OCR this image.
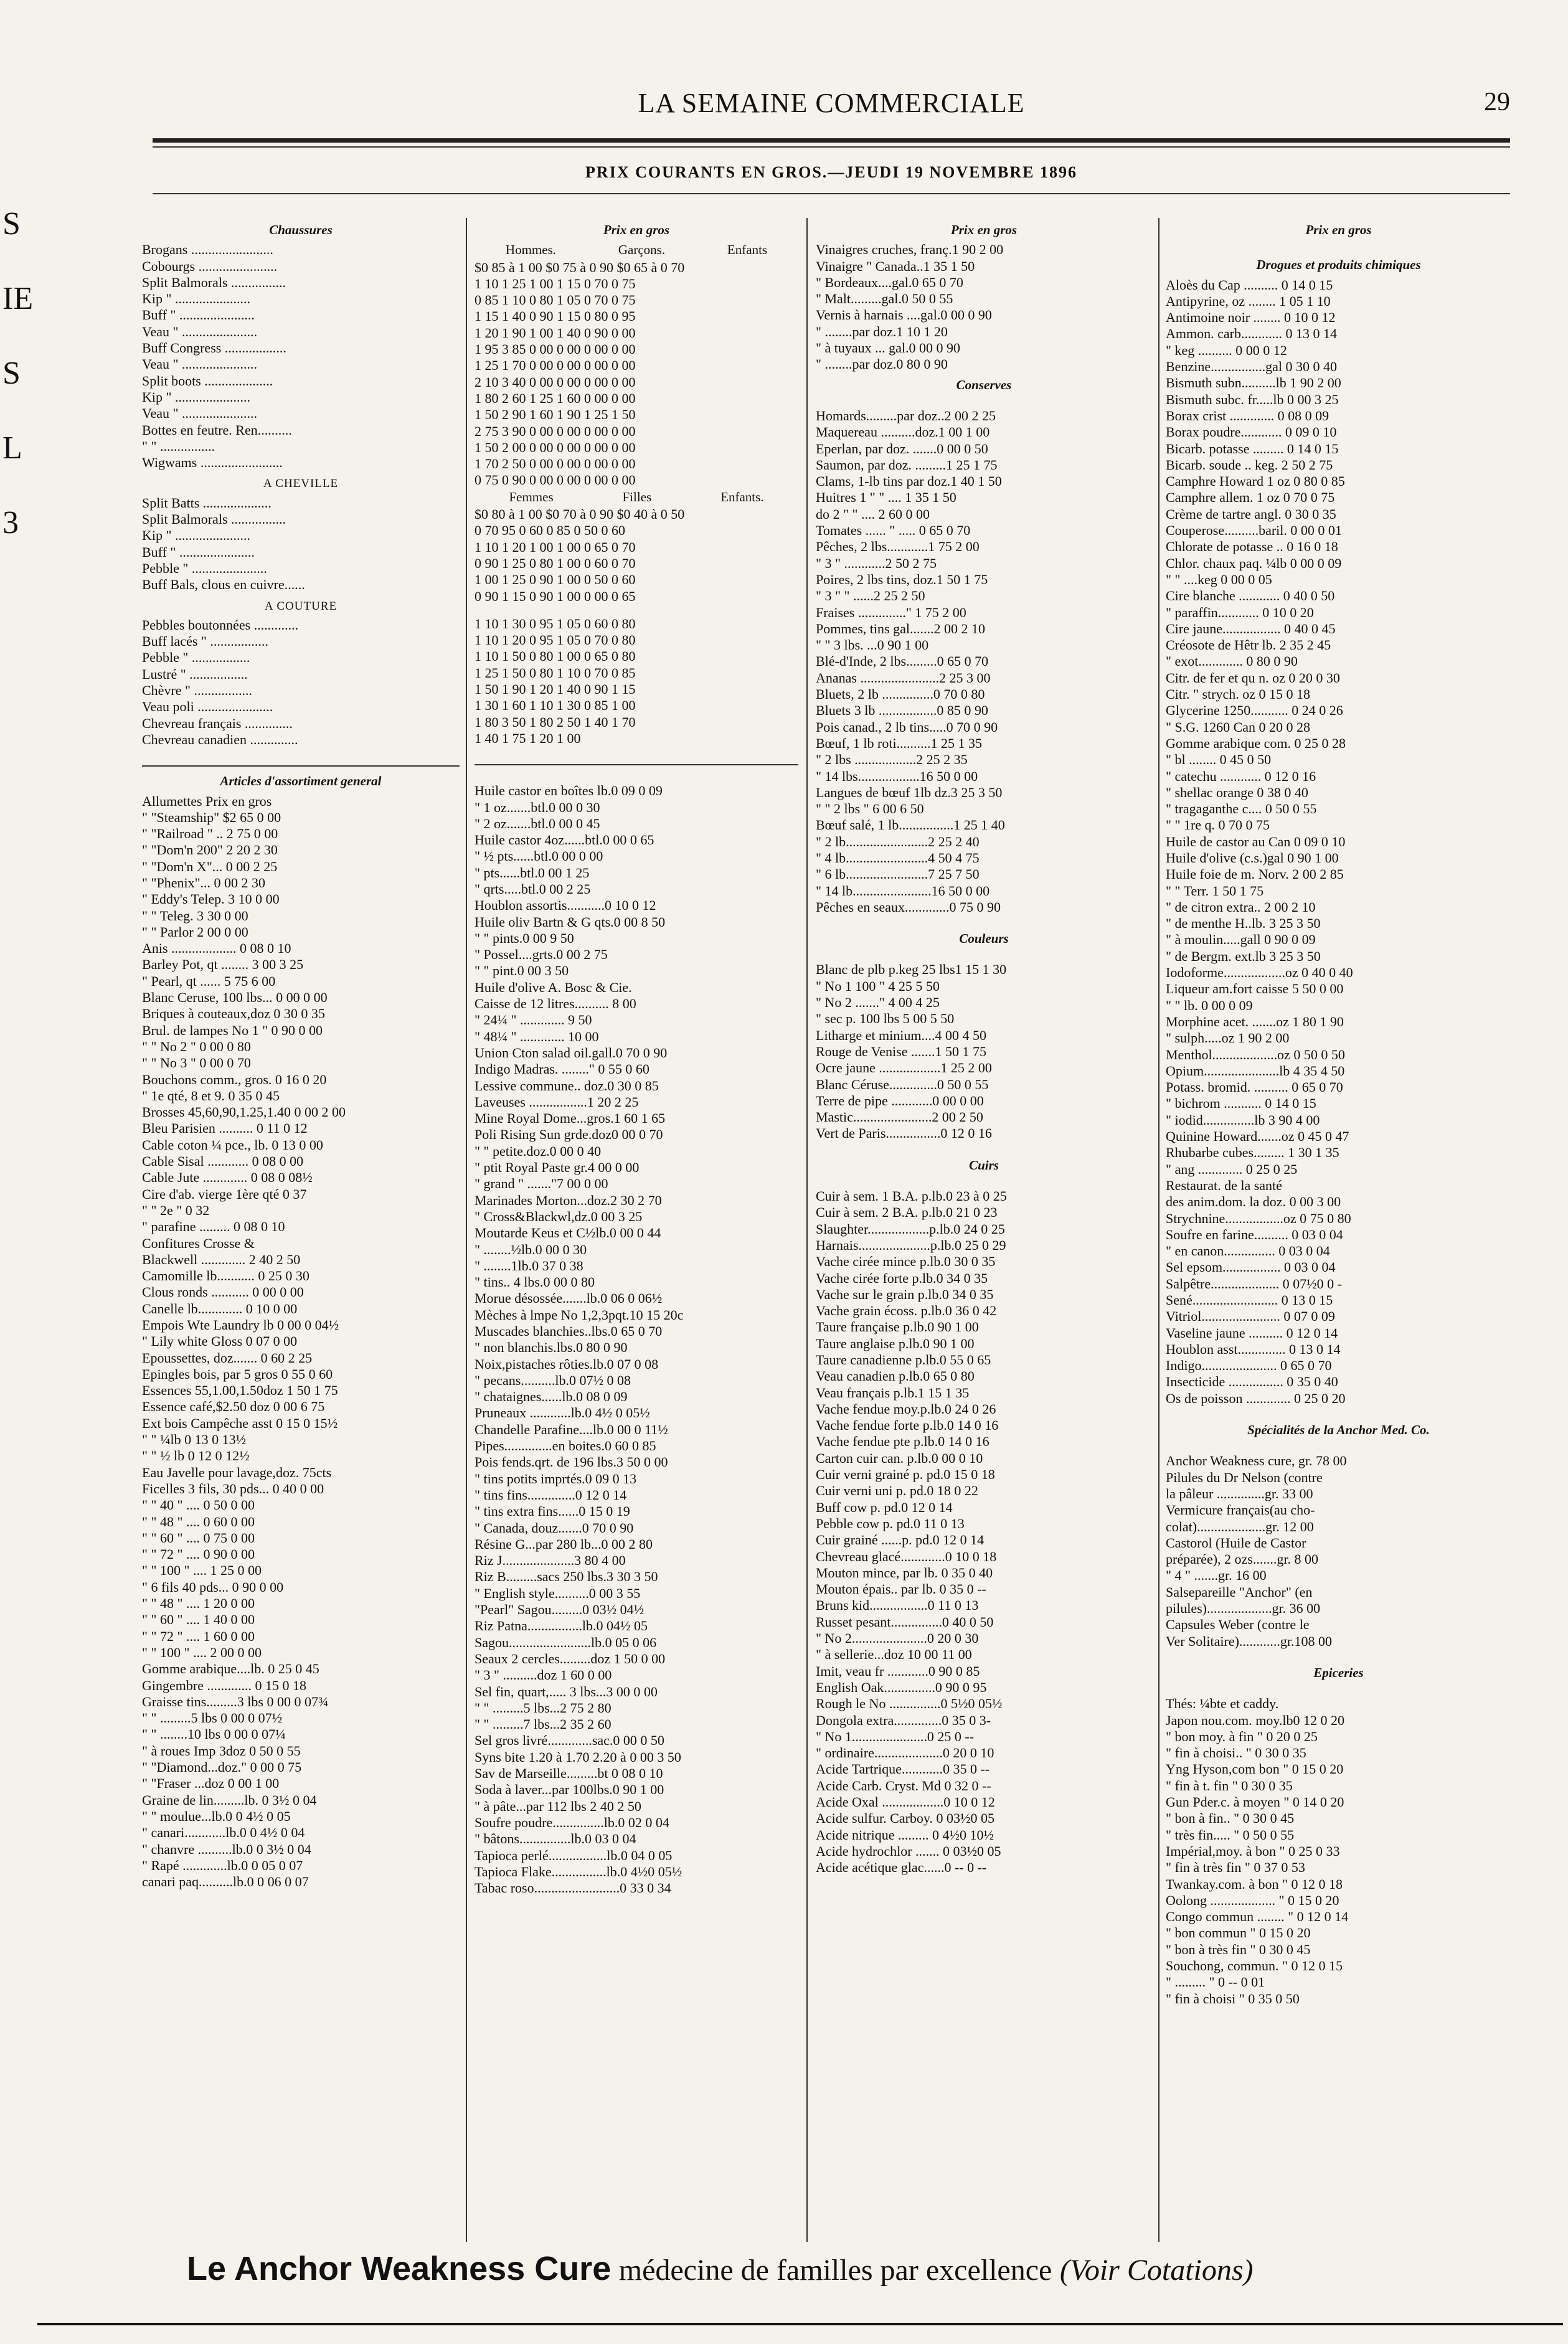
LA SEMAINE COMMERCIALE	29
PRIX COURANTS EN GROS.—JEUDI 19 NOVEMBRE 1896
Chaussures
Brogans ........................
Cobourgs .......................
Split Balmorals ................
Kip " ......................
Buff " ......................
Veau " ......................
Buff Congress ..................
Veau " ......................
Split boots ....................
Kip " ......................
Veau " ......................
Bottes en feutre. Ren..........
" " ................
Wigwams ........................
A CHEVILLE
Split Batts ....................
Split Balmorals ................
Kip " ......................
Buff " ......................
Pebble " ......................
Buff Bals, clous en cuivre......
A COUTURE
Pebbles boutonnées .............
Buff lacés " .................
Pebble " .................
Lustré " .................
Chèvre " .................
Veau poli ......................
Chevreau français ..............
Chevreau canadien ..............
Articles d'assortiment general
Allumettes Prix en gros
" "Steamship" $2 65 0 00
" "Railroad " .. 2 75 0 00
" "Dom'n 200" 2 20 2 30
" "Dom'n X"... 0 00 2 25
" "Phenix"... 0 00 2 30
" Eddy's Telep. 3 10 0 00
" " Teleg. 3 30 0 00
" " Parlor 2 00 0 00
Anis ................... 0 08 0 10
Barley Pot, qt ........ 3 00 3 25
" Pearl, qt ...... 5 75 6 00
Blanc Ceruse, 100 lbs... 0 00 0 00
Briques à couteaux,doz 0 30 0 35
Brul. de lampes No 1 " 0 90 0 00
" " No 2 " 0 00 0 80
" " No 3 " 0 00 0 70
Bouchons comm., gros. 0 16 0 20
" 1e qté, 8 et 9. 0 35 0 45
Brosses 45,60,90,1.25,1.40 0 00 2 00
Bleu Parisien .......... 0 11 0 12
Cable coton ¼ pce., lb. 0 13 0 00
Cable Sisal ............ 0 08 0 00
Cable Jute ............. 0 08 0 08½
Cire d'ab. vierge 1ère qté 0 37
" " 2e " 0 32
" parafine ......... 0 08 0 10
Confitures Crosse &
Blackwell ............. 2 40 2 50
Camomille lb........... 0 25 0 30
Clous ronds ........... 0 00 0 00
Canelle lb............. 0 10 0 00
Empois Wte Laundry lb 0 00 0 04½
" Lily white Gloss 0 07 0 00
Epoussettes, doz....... 0 60 2 25
Epingles bois, par 5 gros 0 55 0 60
Essences 55,1.00,1.50doz 1 50 1 75
Essence café,$2.50 doz 0 00 6 75
Ext bois Campêche asst 0 15 0 15½
" " ¼lb 0 13 0 13½
" " ½ lb 0 12 0 12½
Eau Javelle pour lavage,doz. 75cts
Ficelles 3 fils, 30 pds... 0 40 0 00
" " 40 " .... 0 50 0 00
" " 48 " .... 0 60 0 00
" " 60 " .... 0 75 0 00
" " 72 " .... 0 90 0 00
" " 100 " .... 1 25 0 00
" 6 fils 40 pds... 0 90 0 00
" " 48 " .... 1 20 0 00
" " 60 " .... 1 40 0 00
" " 72 " .... 1 60 0 00
" " 100 " .... 2 00 0 00
Gomme arabique....lb. 0 25 0 45
Gingembre ............. 0 15 0 18
Graisse tins.........3 lbs 0 00 0 07¾
" " .........5 lbs 0 00 0 07½
" " ........10 lbs 0 00 0 07¼
" à roues Imp 3doz 0 50 0 55
" "Diamond...doz." 0 00 0 75
" "Fraser ...doz 0 00 1 00
Graine de lin.........lb. 0 3½ 0 04
" " moulue...lb.0 0 4½ 0 05
" canari............lb.0 0 4½ 0 04
" chanvre ..........lb.0 0 3½ 0 04
" Rapé .............lb.0 0 05 0 07
canari paq..........lb.0 0 06 0 07
Prix en gros
Hommes.	Garçons.	Enfants
$0 85 à 1 00 $0 75 à 0 90 $0 65 à 0 70
1 10 1 25 1 00 1 15 0 70 0 75
0 85 1 10 0 80 1 05 0 70 0 75
1 15 1 40 0 90 1 15 0 80 0 95
1 20 1 90 1 00 1 40 0 90 0 00
1 95 3 85 0 00 0 00 0 00 0 00
1 25 1 70 0 00 0 00 0 00 0 00
2 10 3 40 0 00 0 00 0 00 0 00
1 80 2 60 1 25 1 60 0 00 0 00
1 50 2 90 1 60 1 90 1 25 1 50
2 75 3 90 0 00 0 00 0 00 0 00
1 50 2 00 0 00 0 00 0 00 0 00
1 70 2 50 0 00 0 00 0 00 0 00
0 75 0 90 0 00 0 00 0 00 0 00
Femmes	Filles	Enfants.
$0 80 à 1 00 $0 70 à 0 90 $0 40 à 0 50
0 70 95 0 60 0 85 0 50 0 60
1 10 1 20 1 00 1 00 0 65 0 70
0 90 1 25 0 80 1 00 0 60 0 70
1 00 1 25 0 90 1 00 0 50 0 60
0 90 1 15 0 90 1 00 0 00 0 65
1 10 1 30 0 95 1 05 0 60 0 80
1 10 1 20 0 95 1 05 0 70 0 80
1 10 1 50 0 80 1 00 0 65 0 80
1 25 1 50 0 80 1 10 0 70 0 85
1 50 1 90 1 20 1 40 0 90 1 15
1 30 1 60 1 10 1 30 0 85 1 00
1 80 3 50 1 80 2 50 1 40 1 70
1 40 1 75 1 20 1 00
Huile castor en boîtes lb.0 09 0 09
" 1 oz.......btl.0 00 0 30
" 2 oz.......btl.0 00 0 45
Huile castor 4oz......btl.0 00 0 65
" ½ pts......btl.0 00 0 00
" pts......btl.0 00 1 25
" qrts.....btl.0 00 2 25
Houblon assortis...........0 10 0 12
Huile oliv Bartn & G qts.0 00 8 50
" " pints.0 00 9 50
" Possel....grts.0 00 2 75
" " pint.0 00 3 50
Huile d'olive A. Bosc & Cie.
Caisse de 12 litres.......... 8 00
" 24¼ " ............. 9 50
" 48¼ " ............. 10 00
Union Cton salad oil.gall.0 70 0 90
Indigo Madras. ........" 0 55 0 60
Lessive commune.. doz.0 30 0 85
Laveuses .................1 20 2 25
Mine Royal Dome...gros.1 60 1 65
Poli Rising Sun grde.doz0 00 0 70
" " petite.doz.0 00 0 40
" ptit Royal Paste gr.4 00 0 00
" grand " ......."7 00 0 00
Marinades Morton...doz.2 30 2 70
" Cross&Blackwl,dz.0 00 3 25
Moutarde Keus et C½lb.0 00 0 44
" ........½lb.0 00 0 30
" ........1lb.0 37 0 38
" tins.. 4 lbs.0 00 0 80
Morue désossée.......lb.0 06 0 06½
Mèches à lmpe No 1,2,3pqt.10 15 20c
Muscades blanchies..lbs.0 65 0 70
" non blanchis.lbs.0 80 0 90
Noix,pistaches rôties.lb.0 07 0 08
" pecans..........lb.0 07½ 0 08
" chataignes......lb.0 08 0 09
Pruneaux ............lb.0 4½ 0 05½
Chandelle Parafine....lb.0 00 0 11½
Pipes..............en boites.0 60 0 85
Pois fends.qrt. de 196 lbs.3 50 0 00
" tins potits imprtés.0 09 0 13
" tins fins..............0 12 0 14
" tins extra fins......0 15 0 19
" Canada, douz.......0 70 0 90
Résine G...par 280 lb...0 00 2 80
Riz J.....................3 80 4 00
Riz B.........sacs 250 lbs.3 30 3 50
" English style..........0 00 3 55
"Pearl" Sagou.........0 03½ 04½
Riz Patna................lb.0 04½ 05
Sagou........................lb.0 05 0 06
Seaux 2 cercles.........doz 1 50 0 00
" 3 " ..........doz 1 60 0 00
Sel fin, quart,..... 3 lbs...3 00 0 00
" " .........5 lbs...2 75 2 80
" " .........7 lbs...2 35 2 60
Sel gros livré.............sac.0 00 0 50
Syns bite 1.20 à 1.70 2.20 à 0 00 3 50
Sav de Marseille.........bt 0 08 0 10
Soda à laver...par 100lbs.0 90 1 00
" à pâte...par 112 lbs 2 40 2 50
Soufre poudre...............lb.0 02 0 04
" bâtons...............lb.0 03 0 04
Tapioca perlé.................lb.0 04 0 05
Tapioca Flake................lb.0 4½0 05½
Tabac roso.........................0 33 0 34
Prix en gros
Vinaigres cruches, franç.1 90 2 00
Vinaigre " Canada..1 35 1 50
" Bordeaux....gal.0 65 0 70
" Malt.........gal.0 50 0 55
Vernis à harnais ....gal.0 00 0 90
" ........par doz.1 10 1 20
" à tuyaux ... gal.0 00 0 90
" ........par doz.0 80 0 90
Conserves
Homards.........par doz..2 00 2 25
Maquereau ..........doz.1 00 1 00
Eperlan, par doz. .......0 00 0 50
Saumon, par doz. .........1 25 1 75
Clams, 1-lb tins par doz.1 40 1 50
Huitres 1 " " .... 1 35 1 50
do 2 " " .... 2 60 0 00
Tomates ...... " ..... 0 65 0 70
Pêches, 2 lbs............1 75 2 00
" 3 " ............2 50 2 75
Poires, 2 lbs tins, doz.1 50 1 75
" 3 " " ......2 25 2 50
Fraises .............." 1 75 2 00
Pommes, tins gal.......2 00 2 10
" " 3 lbs. ...0 90 1 00
Blé-d'Inde, 2 lbs.........0 65 0 70
Ananas .......................2 25 3 00
Bluets, 2 lb ...............0 70 0 80
Bluets 3 lb .................0 85 0 90
Pois canad., 2 lb tins.....0 70 0 90
Bœuf, 1 lb roti..........1 25 1 35
" 2 lbs ..................2 25 2 35
" 14 lbs..................16 50 0 00
Langues de bœuf 1lb dz.3 25 3 50
" " 2 lbs " 6 00 6 50
Bœuf salé, 1 lb................1 25 1 40
" 2 lb........................2 25 2 40
" 4 lb........................4 50 4 75
" 6 lb........................7 25 7 50
" 14 lb.......................16 50 0 00
Pêches en seaux.............0 75 0 90
Couleurs
Blanc de plb p.keg 25 lbs1 15 1 30
" No 1 100 " 4 25 5 50
" No 2 ......." 4 00 4 25
" sec p. 100 lbs 5 00 5 50
Litharge et minium....4 00 4 50
Rouge de Venise .......1 50 1 75
Ocre jaune ..................1 25 2 00
Blanc Céruse..............0 50 0 55
Terre de pipe ............0 00 0 00
Mastic.......................2 00 2 50
Vert de Paris................0 12 0 16
Cuirs
Cuir à sem. 1 B.A. p.lb.0 23 à 0 25
Cuir à sem. 2 B.A. p.lb.0 21 0 23
Slaughter..................p.lb.0 24 0 25
Harnais.....................p.lb.0 25 0 29
Vache cirée mince p.lb.0 30 0 35
Vache cirée forte p.lb.0 34 0 35
Vache sur le grain p.lb.0 34 0 35
Vache grain écoss. p.lb.0 36 0 42
Taure française p.lb.0 90 1 00
Taure anglaise p.lb.0 90 1 00
Taure canadienne p.lb.0 55 0 65
Veau canadien p.lb.0 65 0 80
Veau français p.lb.1 15 1 35
Vache fendue moy.p.lb.0 24 0 26
Vache fendue forte p.lb.0 14 0 16
Vache fendue pte p.lb.0 14 0 16
Carton cuir can. p.lb.0 00 0 10
Cuir verni grainé p. pd.0 15 0 18
Cuir verni uni p. pd.0 18 0 22
Buff cow p. pd.0 12 0 14
Pebble cow p. pd.0 11 0 13
Cuir grainé ......p. pd.0 12 0 14
Chevreau glacé.............0 10 0 18
Mouton mince, par lb. 0 35 0 40
Mouton épais.. par lb. 0 35 0 --
Bruns kid.................0 11 0 13
Russet pesant...............0 40 0 50
" No 2......................0 20 0 30
" à sellerie...doz 10 00 11 00
Imit, veau fr ............0 90 0 85
English Oak...............0 90 0 95
Rough le No ...............0 5½0 05½
Dongola extra..............0 35 0 3-
" No 1......................0 25 0 --
" ordinaire....................0 20 0 10
Acide Tartrique............0 35 0 --
Acide Carb. Cryst. Md 0 32 0 --
Acide Oxal ..................0 10 0 12
Acide sulfur. Carboy. 0 03½0 05
Acide nitrique ......... 0 4½0 10½
Acide hydrochlor ....... 0 03½0 05
Acide acétique glac......0 -- 0 --
Prix en gros
Drogues et produits chimiques
Aloès du Cap .......... 0 14 0 15
Antipyrine, oz ........ 1 05 1 10
Antimoine noir ........ 0 10 0 12
Ammon. carb............ 0 13 0 14
" keg .......... 0 00 0 12
Benzine................gal 0 30 0 40
Bismuth subn..........lb 1 90 2 00
Bismuth subc. fr.....lb 0 00 3 25
Borax crist ............. 0 08 0 09
Borax poudre............ 0 09 0 10
Bicarb. potasse ......... 0 14 0 15
Bicarb. soude .. keg. 2 50 2 75
Camphre Howard 1 oz 0 80 0 85
Camphre allem. 1 oz 0 70 0 75
Crème de tartre angl. 0 30 0 35
Couperose..........baril. 0 00 0 01
Chlorate de potasse .. 0 16 0 18
Chlor. chaux paq. ¼lb 0 00 0 09
" " ....keg 0 00 0 05
Cire blanche ............ 0 40 0 50
" paraffin............ 0 10 0 20
Cire jaune................. 0 40 0 45
Créosote de Hêtr lb. 2 35 2 45
" exot............. 0 80 0 90
Citr. de fer et qu n. oz 0 20 0 30
Citr. " strych. oz 0 15 0 18
Glycerine 1250........... 0 24 0 26
" S.G. 1260 Can 0 20 0 28
Gomme arabique com. 0 25 0 28
" bl ........ 0 45 0 50
" catechu ............ 0 12 0 16
" shellac orange 0 38 0 40
" tragaganthe c.... 0 50 0 55
" " 1re q. 0 70 0 75
Huile de castor au Can 0 09 0 10
Huile d'olive (c.s.)gal 0 90 1 00
Huile foie de m. Norv. 2 00 2 85
" " Terr. 1 50 1 75
" de citron extra.. 2 00 2 10
" de menthe H..lb. 3 25 3 50
" à moulin.....gall 0 90 0 09
" de Bergm. ext.lb 3 25 3 50
Iodoforme..................oz 0 40 0 40
Liqueur am.fort caisse 5 50 0 00
" " lb. 0 00 0 09
Morphine acet. .......oz 1 80 1 90
" sulph.....oz 1 90 2 00
Menthol...................oz 0 50 0 50
Opium......................lb 4 35 4 50
Potass. bromid. .......... 0 65 0 70
" bichrom ........... 0 14 0 15
" iodid...............lb 3 90 4 00
Quinine Howard.......oz 0 45 0 47
Rhubarbe cubes......... 1 30 1 35
" ang ............. 0 25 0 25
Restaurat. de la santé
des anim.dom. la doz. 0 00 3 00
Strychnine.................oz 0 75 0 80
Soufre en farine.......... 0 03 0 04
" en canon............... 0 03 0 04
Sel epsom................. 0 03 0 04
Salpêtre.................... 0 07½0 0 -
Sené......................... 0 13 0 15
Vitriol....................... 0 07 0 09
Vaseline jaune .......... 0 12 0 14
Houblon asst.............. 0 13 0 14
Indigo...................... 0 65 0 70
Insecticide ................ 0 35 0 40
Os de poisson ............. 0 25 0 20
Spécialités de la Anchor Med. Co.
Anchor Weakness cure, gr. 78 00
Pilules du Dr Nelson (contre
la pâleur ..............gr. 33 00
Vermicure français(au cho-
colat)....................gr. 12 00
Castorol (Huile de Castor
préparée), 2 ozs.......gr. 8 00
" 4 " .......gr. 16 00
Salsepareille "Anchor" (en
pilules)...................gr. 36 00
Capsules Weber (contre le
Ver Solitaire)............gr.108 00
Epiceries
Thés: ¼bte et caddy.
Japon nou.com. moy.lb0 12 0 20
" bon moy. à fin " 0 20 0 25
" fin à choisi.. " 0 30 0 35
Yng Hyson,com bon " 0 15 0 20
" fin à t. fin " 0 30 0 35
Gun Pder.c. à moyen " 0 14 0 20
" bon à fin.. " 0 30 0 45
" très fin..... " 0 50 0 55
Impérial,moy. à bon " 0 25 0 33
" fin à très fin " 0 37 0 53
Twankay.com. à bon " 0 12 0 18
Oolong ................... " 0 15 0 20
Congo commun ........ " 0 12 0 14
" bon commun " 0 15 0 20
" bon à très fin " 0 30 0 45
Souchong, commun. " 0 12 0 15
" ......... " 0 -- 0 01
" fin à choisi " 0 35 0 50
S
IE
S
L
3
Le Anchor Weakness Cure médecine de familles par excellence (Voir Cotations)
